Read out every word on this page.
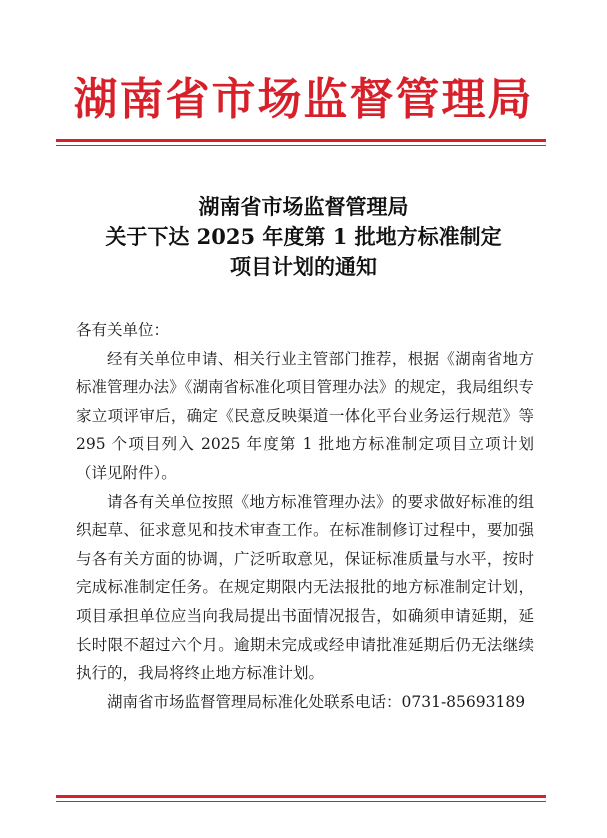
湖南省市场监督管理局
湖南省市场监督管理局
关于下达 2025 年度第 1 批地方标准制定
项目计划的通知

各有关单位：

经有关单位申请、相关行业主管部门推荐，根据《湖南省地方标准管理办法》《湖南省标准化项目管理办法》的规定，我局组织专家立项评审后，确定《民意反映渠道一体化平台业务运行规范》等 295 个项目列入 2025 年度第 1 批地方标准制定项目立项计划（详见附件）。

请各有关单位按照《地方标准管理办法》的要求做好标准的组织起草、征求意见和技术审查工作。在标准制修订过程中，要加强与各有关方面的协调，广泛听取意见，保证标准质量与水平，按时完成标准制定任务。在规定期限内无法报批的地方标准制定计划，项目承担单位应当向我局提出书面情况报告，如确须申请延期，延长时限不超过六个月。逾期未完成或经申请批准延期后仍无法继续执行的，我局将终止地方标准计划。

湖南省市场监督管理局标准化处联系电话：0731-85693189
